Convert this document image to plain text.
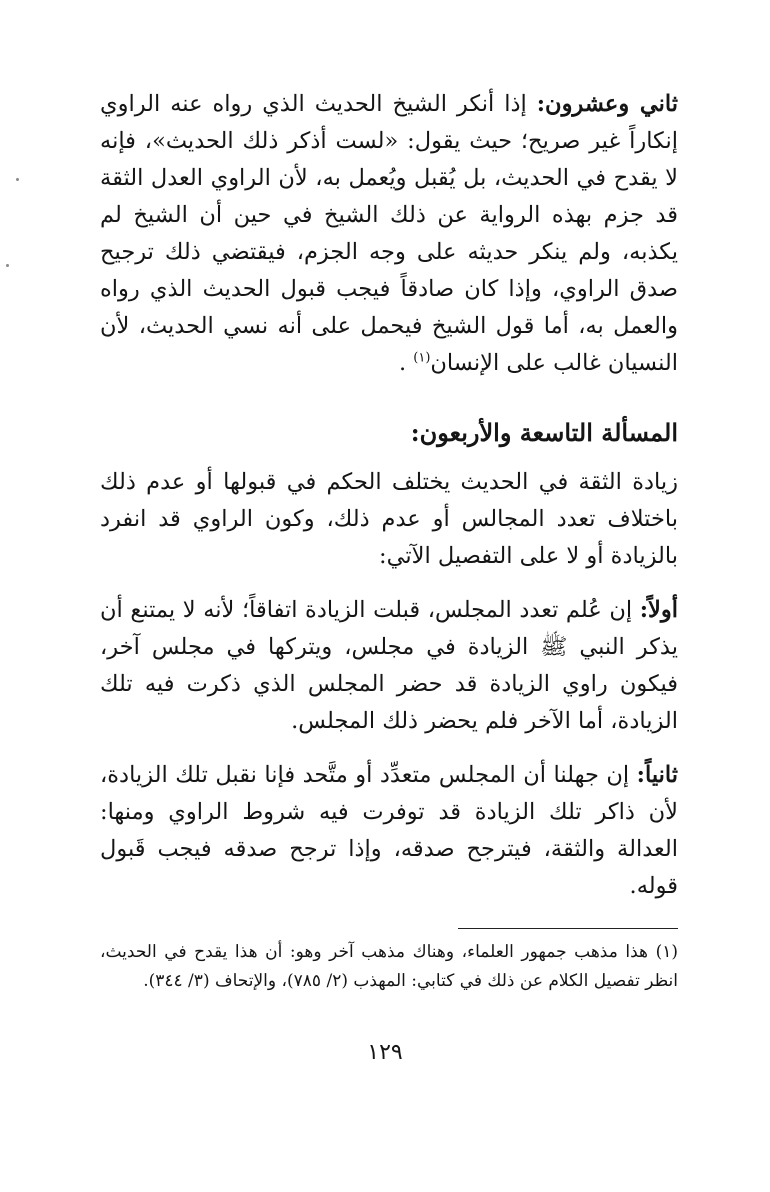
ثاني وعشرون: إذا أنكر الشيخ الحديث الذي رواه عنه الراوي إنكاراً غير صريح؛ حيث يقول: «لست أذكر ذلك الحديث»، فإنه لا يقدح في الحديث، بل يُقبل ويُعمل به، لأن الراوي العدل الثقة قد جزم بهذه الرواية عن ذلك الشيخ في حين أن الشيخ لم يكذبه، ولم ينكر حديثه على وجه الجزم، فيقتضي ذلك ترجيح صدق الراوي، وإذا كان صادقاً فيجب قبول الحديث الذي رواه والعمل به، أما قول الشيخ فيحمل على أنه نسي الحديث، لأن النسيان غالب على الإنسان$^{(١)}$ .

المسألة التاسعة والأربعون:

زيادة الثقة في الحديث يختلف الحكم في قبولها أو عدم ذلك باختلاف تعدد المجالس أو عدم ذلك، وكون الراوي قد انفرد بالزيادة أو لا على التفصيل الآتي:

أولاً: إن عُلم تعدد المجلس، قبلت الزيادة اتفاقاً؛ لأنه لا يمتنع أن يذكر النبي ﷺ الزيادة في مجلس، ويتركها في مجلس آخر، فيكون راوي الزيادة قد حضر المجلس الذي ذكرت فيه تلك الزيادة، أما الآخر فلم يحضر ذلك المجلس.

ثانياً: إن جهلنا أن المجلس متعدِّد أو متَّحد فإنا نقبل تلك الزيادة، لأن ذاكر تلك الزيادة قد توفرت فيه شروط الراوي ومنها: العدالة والثقة، فيترجح صدقه، وإذا ترجح صدقه فيجب قَبول قوله.

(١) هذا مذهب جمهور العلماء، وهناك مذهب آخر وهو: أن هذا يقدح في الحديث، انظر تفصيل الكلام عن ذلك في كتابي: المهذب (٢/ ٧٨٥)، والإتحاف (٣/ ٣٤٤).

١٢٩
